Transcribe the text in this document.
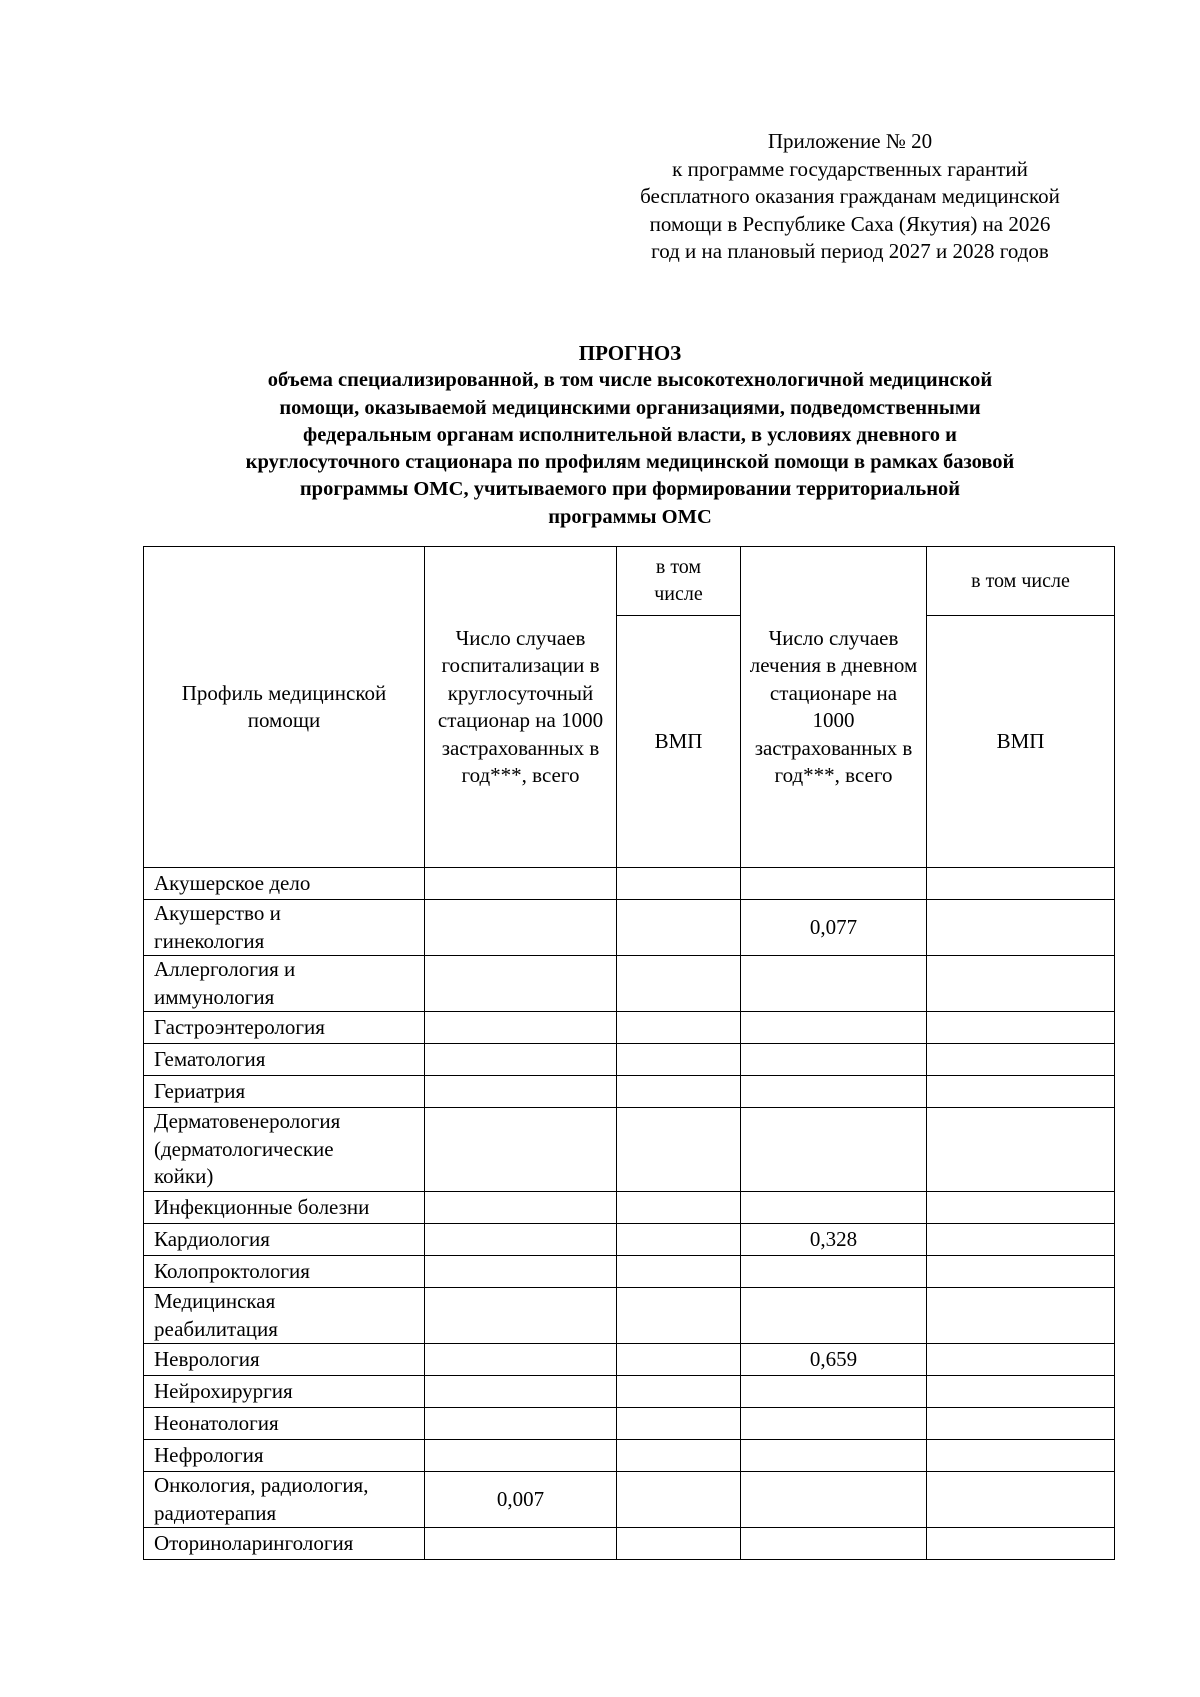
Приложение № 20
к программе государственных гарантий
бесплатного оказания гражданам медицинской
помощи в Республике Саха (Якутия) на 2026
год и на плановый период 2027 и 2028 годов
ПРОГНОЗ
объема специализированной, в том числе высокотехнологичной медицинской
помощи, оказываемой медицинскими организациями, подведомственными
федеральным органам исполнительной власти, в условиях дневного и
круглосуточного стационара по профилям медицинской помощи в рамках базовой
программы ОМС, учитываемого при формировании территориальной
программы ОМС
Профиль медицинской помощи	Число случаев госпитализации в круглосуточный стационар на 1000 застрахованных в год***, всего	в том числе	Число случаев лечения в дневном стационаре на 1000 застрахованных в год***, всего	в том числе

		ВМП		ВМП

Акушерское дело				

Акушерство и
гинекология			0,077	

Аллергология и
иммунология				

Гастроэнтерология				

Гематология				

Гериатрия				

Дерматовенерология
(дерматологические
койки)				

Инфекционные болезни				

Кардиология			0,328	

Колопроктология				

Медицинская
реабилитация				

Неврология			0,659	

Нейрохирургия				

Неонатология				

Нефрология				

Онкология, радиология,
радиотерапия	0,007			

Оториноларингология				
